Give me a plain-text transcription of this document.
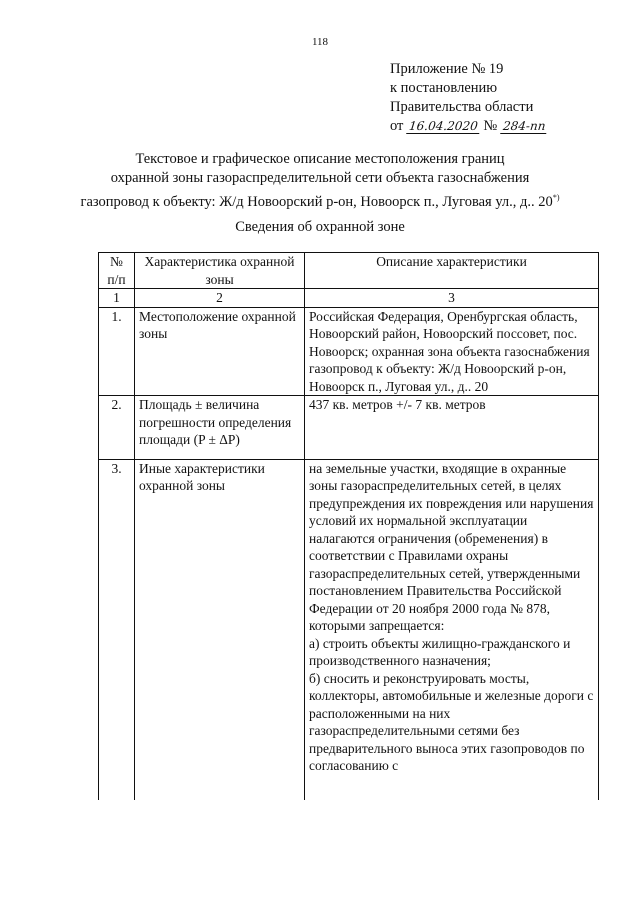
118
Приложение № 19
к постановлению
Правительства области
от 16.04.2020 № 284-пп
Текстовое и графическое описание местоположения границ
охранной зоны газораспределительной сети объекта газоснабжения
газопровод к объекту: Ж/д Новоорский р-он, Новоорск п., Луговая ул., д.. 20*)
Сведения об охранной зоне
№ п/п	Характеристика охранной зоны	Описание характеристики
1	2	3
1.	Местоположение охранной зоны	Российская Федерация, Оренбургская область, Новоорский район, Новоорский поссовет, пос. Новоорск; охранная зона объекта газоснабжения газопровод к объекту: Ж/д Новоорский р-он, Новоорск п., Луговая ул., д.. 20
2.	Площадь ± величина погрешности определения площади (P ± ΔP)	437 кв. метров +/- 7 кв. метров
3.	Иные характеристики охранной зоны	на земельные участки, входящие в охранные зоны газораспределительных сетей, в целях предупреждения их повреждения или нарушения условий их нормальной эксплуатации налагаются ограничения (обременения) в соответствии с Правилами охраны газораспределительных сетей, утвержденными постановлением Правительства Российской Федерации от 20 ноября 2000 года № 878, которыми запрещается:
а) строить объекты жилищно-гражданского и производственного назначения;
б) сносить и реконструировать мосты, коллекторы, автомобильные и железные дороги с расположенными на них газораспределительными сетями без предварительного выноса этих газопроводов по согласованию с
